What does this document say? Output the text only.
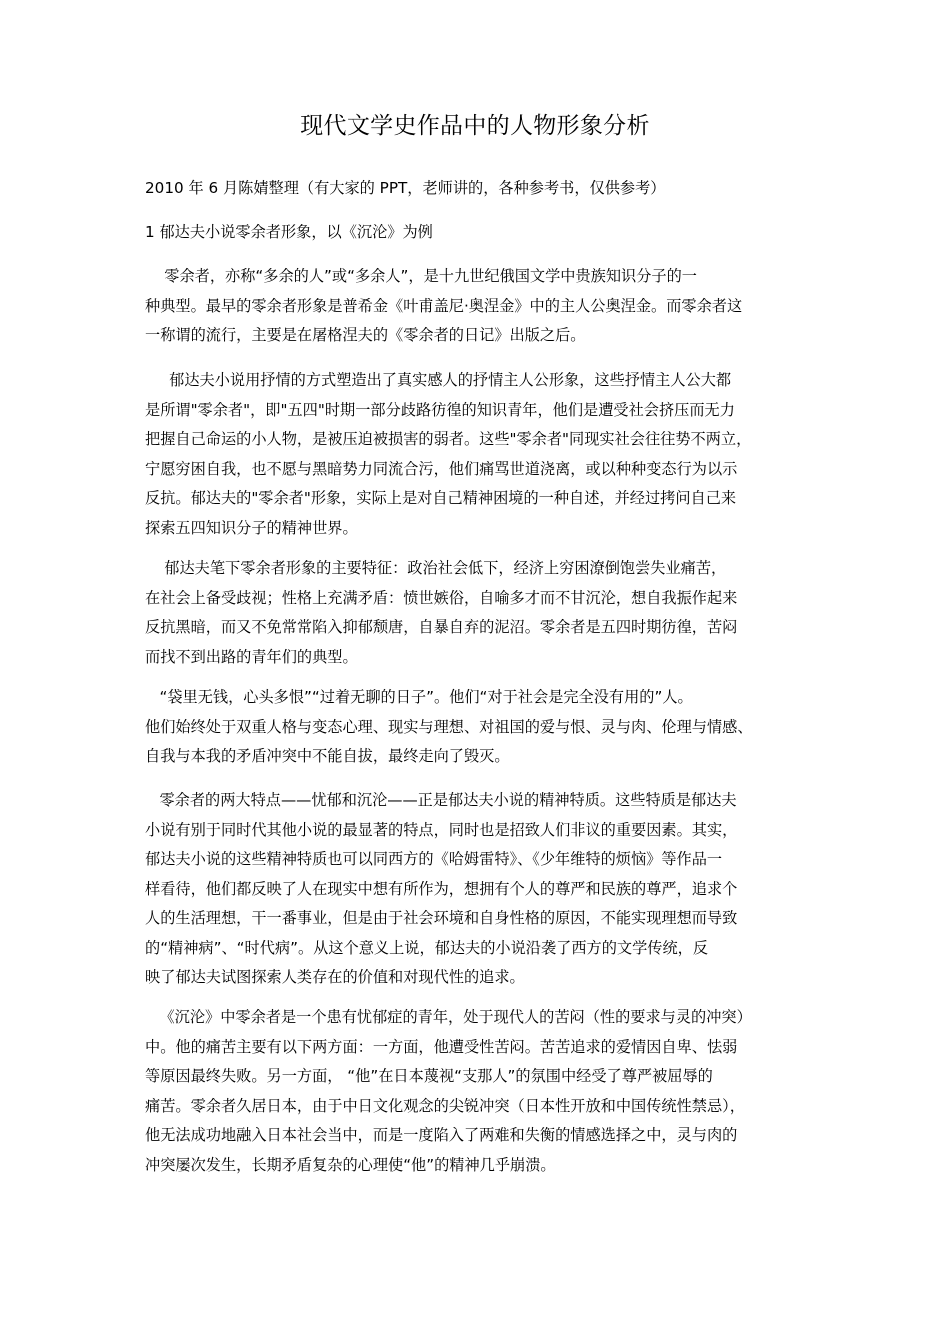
现代文学史作品中的人物形象分析
2010 年 6 月陈婧整理（有大家的 PPT，老师讲的，各种参考书，仅供参考）
1 郁达夫小说零余者形象，以《沉沦》为例
零余者，亦称“多余的人”或“多余人”，是十九世纪俄国文学中贵族知识分子的一
种典型。最早的零余者形象是普希金《叶甫盖尼·奥涅金》中的主人公奥涅金。而零余者这
一称谓的流行，主要是在屠格涅夫的《零余者的日记》出版之后。
郁达夫小说用抒情的方式塑造出了真实感人的抒情主人公形象，这些抒情主人公大都
是所谓"零余者"，即"五四"时期一部分歧路彷徨的知识青年，他们是遭受社会挤压而无力
把握自己命运的小人物，是被压迫被损害的弱者。这些"零余者"同现实社会往往势不两立，
宁愿穷困自我，也不愿与黑暗势力同流合污，他们痛骂世道浇离，或以种种变态行为以示
反抗。郁达夫的"零余者"形象，实际上是对自己精神困境的一种自述，并经过拷问自己来
探索五四知识分子的精神世界。
郁达夫笔下零余者形象的主要特征：政治社会低下，经济上穷困潦倒饱尝失业痛苦，
在社会上备受歧视；性格上充满矛盾：愤世嫉俗，自喻多才而不甘沉沦，想自我振作起来
反抗黑暗，而又不免常常陷入抑郁颓唐，自暴自弃的泥沼。零余者是五四时期彷徨，苦闷
而找不到出路的青年们的典型。
“袋里无钱，心头多恨”“过着无聊的日子”。他们“对于社会是完全没有用的”人。
他们始终处于双重人格与变态心理、现实与理想、对祖国的爱与恨、灵与肉、伦理与情感、
自我与本我的矛盾冲突中不能自拔，最终走向了毁灭。
零余者的两大特点——忧郁和沉沦——正是郁达夫小说的精神特质。这些特质是郁达夫
小说有别于同时代其他小说的最显著的特点，同时也是招致人们非议的重要因素。其实，
郁达夫小说的这些精神特质也可以同西方的《哈姆雷特》、《少年维特的烦恼》等作品一
样看待，他们都反映了人在现实中想有所作为，想拥有个人的尊严和民族的尊严，追求个
人的生活理想，干一番事业，但是由于社会环境和自身性格的原因，不能实现理想而导致
的“精神病”、“时代病”。从这个意义上说，郁达夫的小说沿袭了西方的文学传统，反
映了郁达夫试图探索人类存在的价值和对现代性的追求。
《沉沦》中零余者是一个患有忧郁症的青年，处于现代人的苦闷（性的要求与灵的冲突）
中。他的痛苦主要有以下两方面：一方面，他遭受性苦闷。苦苦追求的爱情因自卑、怯弱
等原因最终失败。另一方面， “他”在日本蔑视“支那人”的氛围中经受了尊严被屈辱的
痛苦。零余者久居日本，由于中日文化观念的尖锐冲突（日本性开放和中国传统性禁忌），
他无法成功地融入日本社会当中，而是一度陷入了两难和失衡的情感选择之中，灵与肉的
冲突屡次发生，长期矛盾复杂的心理使“他”的精神几乎崩溃。
